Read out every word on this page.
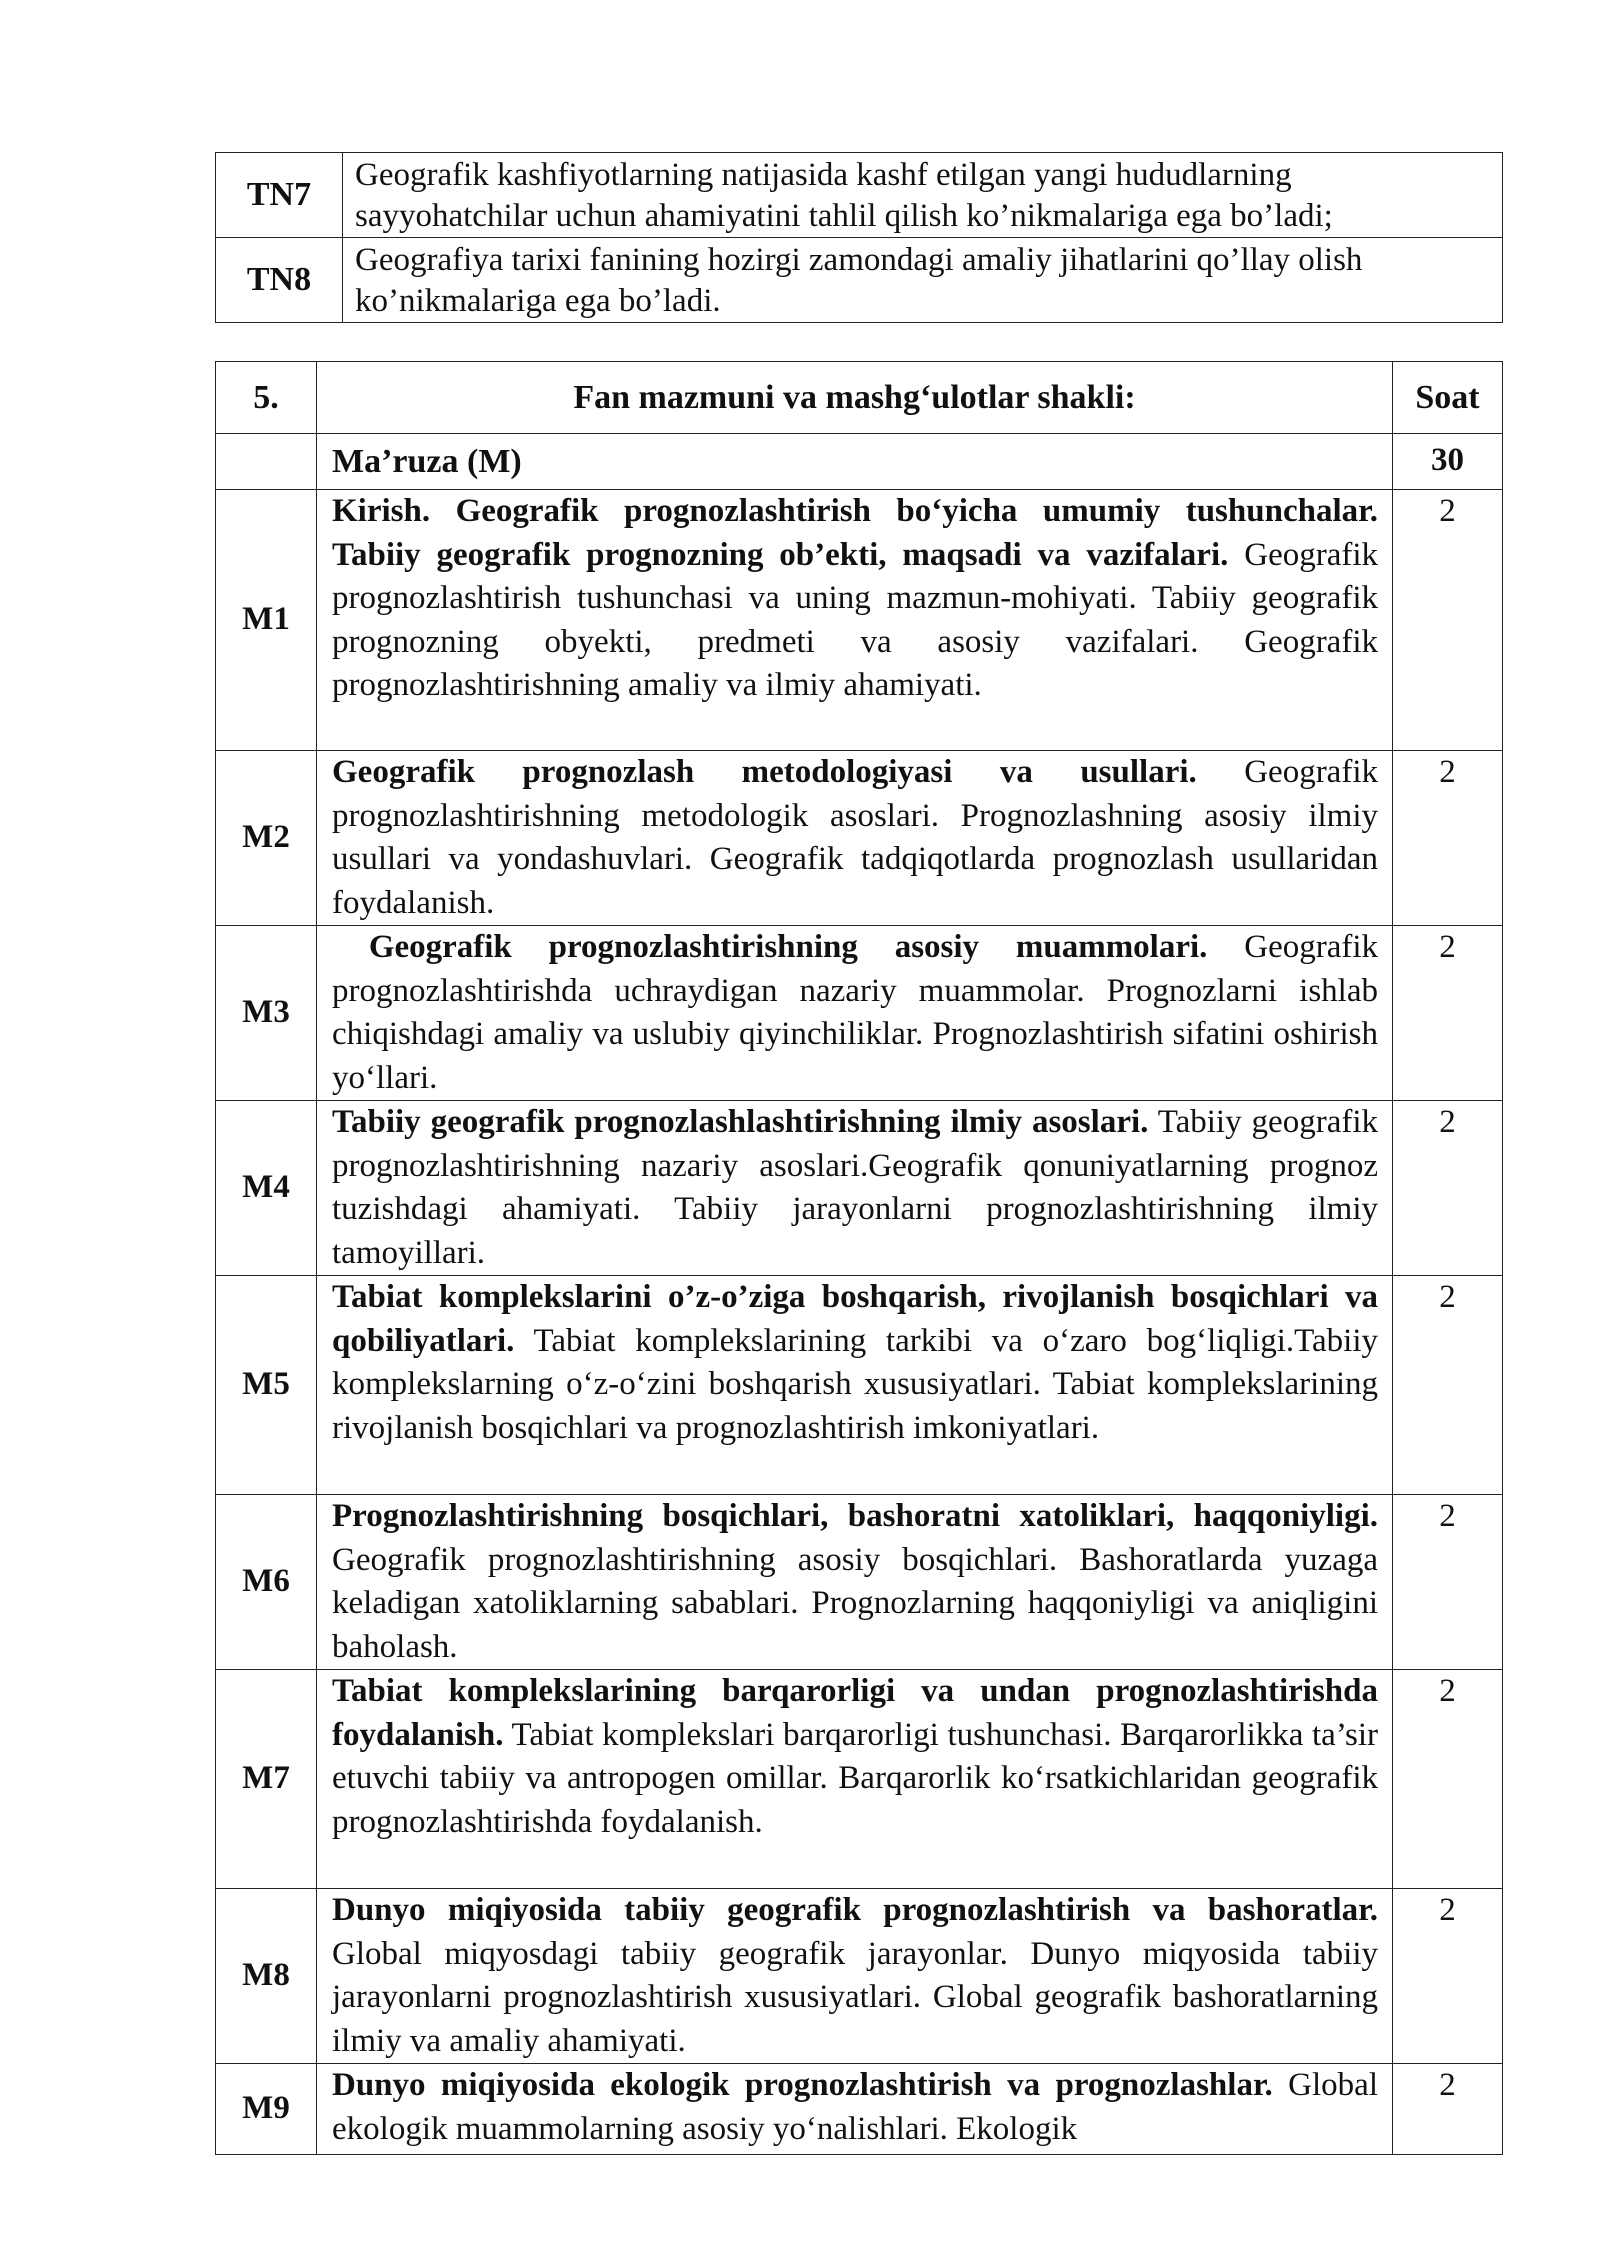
TN7	Geografik kashfiyotlarning natijasida kashf etilgan yangi hududlarning sayyohatchilar uchun ahamiyatini tahlil qilish ko’nikmalariga ega bo’ladi;
TN8	Geografiya tarixi fanining hozirgi zamondagi amaliy jihatlarini qo’llay olish ko’nikmalariga ega bo’ladi.
5.	Fan mazmuni va mashg‘ulotlar shakli:	Soat
	Ma’ruza (M)	30
M1	Kirish. Geografik prognozlashtirish bo‘yicha umumiy tushunchalar. Tabiiy geografik prognozning ob’ekti, maqsadi va vazifalari. Geografik prognozlashtirish tushunchasi va uning mazmun-mohiyati. Tabiiy geografik prognozning obyekti, predmeti va asosiy vazifalari. Geografik prognozlashtirishning amaliy va ilmiy ahamiyati.	2
M2	Geografik prognozlash metodologiyasi va usullari. Geografik prognozlashtirishning metodologik asoslari. Prognozlashning asosiy ilmiy usullari va yondashuvlari. Geografik tadqiqotlarda prognozlash usullaridan foydalanish.	2
M3	Geografik prognozlashtirishning asosiy muammolari. Geografik prognozlashtirishda uchraydigan nazariy muammolar. Prognozlarni ishlab chiqishdagi amaliy va uslubiy qiyinchiliklar. Prognozlashtirish sifatini oshirish yo‘llari.	2
M4	Tabiiy geografik prognozlashlashtirishning ilmiy asoslari. Tabiiy geografik prognozlashtirishning nazariy asoslari.Geografik qonuniyatlarning prognoz tuzishdagi ahamiyati. Tabiiy jarayonlarni prognozlashtirishning ilmiy tamoyillari.	2
M5	Tabiat komplekslarini o’z-o’ziga boshqarish, rivojlanish bosqichlari va qobiliyatlari. Tabiat komplekslarining tarkibi va o‘zaro bog‘liqligi.Tabiiy komplekslarning o‘z-o‘zini boshqarish xususiyatlari. Tabiat komplekslarining rivojlanish bosqichlari va prognozlashtirish imkoniyatlari.	2
M6	Prognozlashtirishning bosqichlari, bashoratni xatoliklari, haqqoniyligi. Geografik prognozlashtirishning asosiy bosqichlari. Bashoratlarda yuzaga keladigan xatoliklarning sabablari. Prognozlarning haqqoniyligi va aniqligini baholash.	2
M7	Tabiat komplekslarining barqarorligi va undan prognozlashtirishda foydalanish. Tabiat komplekslari barqarorligi tushunchasi. Barqarorlikka ta’sir etuvchi tabiiy va antropogen omillar. Barqarorlik ko‘rsatkichlaridan geografik prognozlashtirishda foydalanish.	2
M8	Dunyo miqiyosida tabiiy geografik prognozlashtirish va bashoratlar. Global miqyosdagi tabiiy geografik jarayonlar. Dunyo miqyosida tabiiy jarayonlarni prognozlashtirish xususiyatlari. Global geografik bashoratlarning ilmiy va amaliy ahamiyati.	2
M9	Dunyo miqiyosida ekologik prognozlashtirish va prognozlashlar. Global ekologik muammolarning asosiy yo‘nalishlari. Ekologik	2
